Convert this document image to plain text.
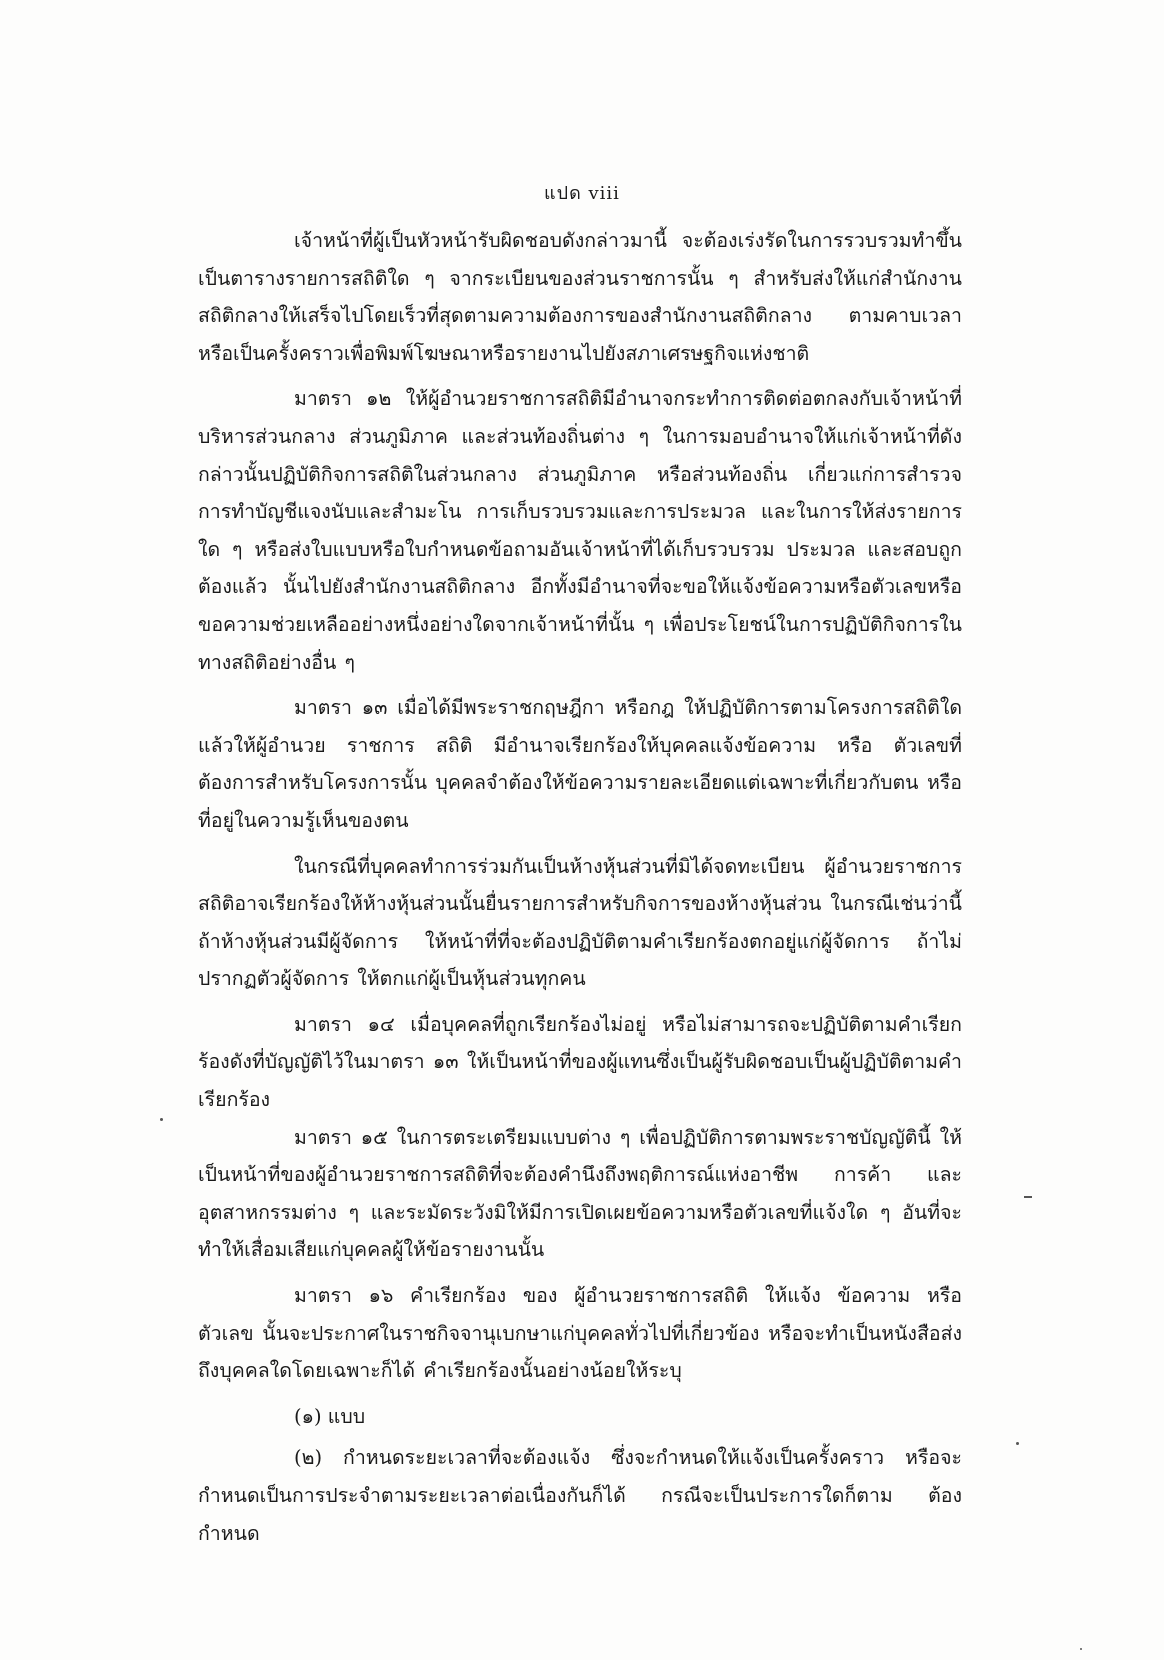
แปด viii

เจ้าหน้าที่ผู้เป็นหัวหน้ารับผิดชอบดังกล่าวมานี้ จะต้องเร่งรัดในการรวบรวมทำขึ้นเป็นตารางรายการสถิติใด ๆ จากระเบียนของส่วนราชการนั้น ๆ สำหรับส่งให้แก่สำนักงานสถิติกลางให้เสร็จไปโดยเร็วที่สุดตามความต้องการของสำนักงานสถิติกลาง ตามคาบเวลาหรือเป็นครั้งคราวเพื่อพิมพ์โฆษณาหรือรายงานไปยังสภาเศรษฐกิจแห่งชาติ

มาตรา ๑๒ ให้ผู้อำนวยราชการสถิติมีอำนาจกระทำการติดต่อตกลงกับเจ้าหน้าที่บริหารส่วนกลาง ส่วนภูมิภาค และส่วนท้องถิ่นต่าง ๆ ในการมอบอำนาจให้แก่เจ้าหน้าที่ดังกล่าวนั้นปฏิบัติกิจการสถิติในส่วนกลาง ส่วนภูมิภาค หรือส่วนท้องถิ่น เกี่ยวแก่การสำรวจ การทำบัญชีแจงนับและสำมะโน การเก็บรวบรวมและการประมวล และในการให้ส่งรายการใด ๆ หรือส่งใบแบบหรือใบกำหนดข้อถามอันเจ้าหน้าที่ได้เก็บรวบรวม ประมวล และสอบถูกต้องแล้ว นั้นไปยังสำนักงานสถิติกลาง อีกทั้งมีอำนาจที่จะขอให้แจ้งข้อความหรือตัวเลขหรือขอความช่วยเหลืออย่างหนึ่งอย่างใดจากเจ้าหน้าที่นั้น ๆ เพื่อประโยชน์ในการปฏิบัติกิจการในทางสถิติอย่างอื่น ๆ

มาตรา ๑๓ เมื่อได้มีพระราชกฤษฎีกา หรือกฎ ให้ปฏิบัติการตามโครงการสถิติใดแล้วให้ผู้อำนวย ราชการ สถิติ มีอำนาจเรียกร้องให้บุคคลแจ้งข้อความ หรือ ตัวเลขที่ต้องการสำหรับโครงการนั้น บุคคลจำต้องให้ข้อความรายละเอียดแต่เฉพาะที่เกี่ยวกับตน หรือที่อยู่ในความรู้เห็นของตน

ในกรณีที่บุคคลทำการร่วมกันเป็นห้างหุ้นส่วนที่มิได้จดทะเบียน ผู้อำนวยราชการสถิติอาจเรียกร้องให้ห้างหุ้นส่วนนั้นยื่นรายการสำหรับกิจการของห้างหุ้นส่วน ในกรณีเช่นว่านี้ถ้าห้างหุ้นส่วนมีผู้จัดการ ให้หน้าที่ที่จะต้องปฏิบัติตามคำเรียกร้องตกอยู่แก่ผู้จัดการ ถ้าไม่ปรากฏตัวผู้จัดการ ให้ตกแก่ผู้เป็นหุ้นส่วนทุกคน

มาตรา ๑๔ เมื่อบุคคลที่ถูกเรียกร้องไม่อยู่ หรือไม่สามารถจะปฏิบัติตามคำเรียกร้องดังที่บัญญัติไว้ในมาตรา ๑๓ ให้เป็นหน้าที่ของผู้แทนซึ่งเป็นผู้รับผิดชอบเป็นผู้ปฏิบัติตามคำเรียกร้อง

มาตรา ๑๕ ในการตระเตรียมแบบต่าง ๆ เพื่อปฏิบัติการตามพระราชบัญญัตินี้ ให้เป็นหน้าที่ของผู้อำนวยราชการสถิติที่จะต้องคำนึงถึงพฤติการณ์แห่งอาชีพ การค้า และอุตสาหกรรมต่าง ๆ และระมัดระวังมิให้มีการเปิดเผยข้อความหรือตัวเลขที่แจ้งใด ๆ อันที่จะทำให้เสื่อมเสียแก่บุคคลผู้ให้ข้อรายงานนั้น

มาตรา ๑๖ คำเรียกร้อง ของ ผู้อำนวยราชการสถิติ ให้แจ้ง ข้อความ หรือ ตัวเลข นั้นจะประกาศในราชกิจจานุเบกษาแก่บุคคลทั่วไปที่เกี่ยวข้อง หรือจะทำเป็นหนังสือส่งถึงบุคคลใดโดยเฉพาะก็ได้ คำเรียกร้องนั้นอย่างน้อยให้ระบุ

(๑) แบบ

(๒) กำหนดระยะเวลาที่จะต้องแจ้ง ซึ่งจะกำหนดให้แจ้งเป็นครั้งคราว หรือจะกำหนดเป็นการประจำตามระยะเวลาต่อเนื่องกันก็ได้ กรณีจะเป็นประการใดก็ตาม ต้องกำหนด
